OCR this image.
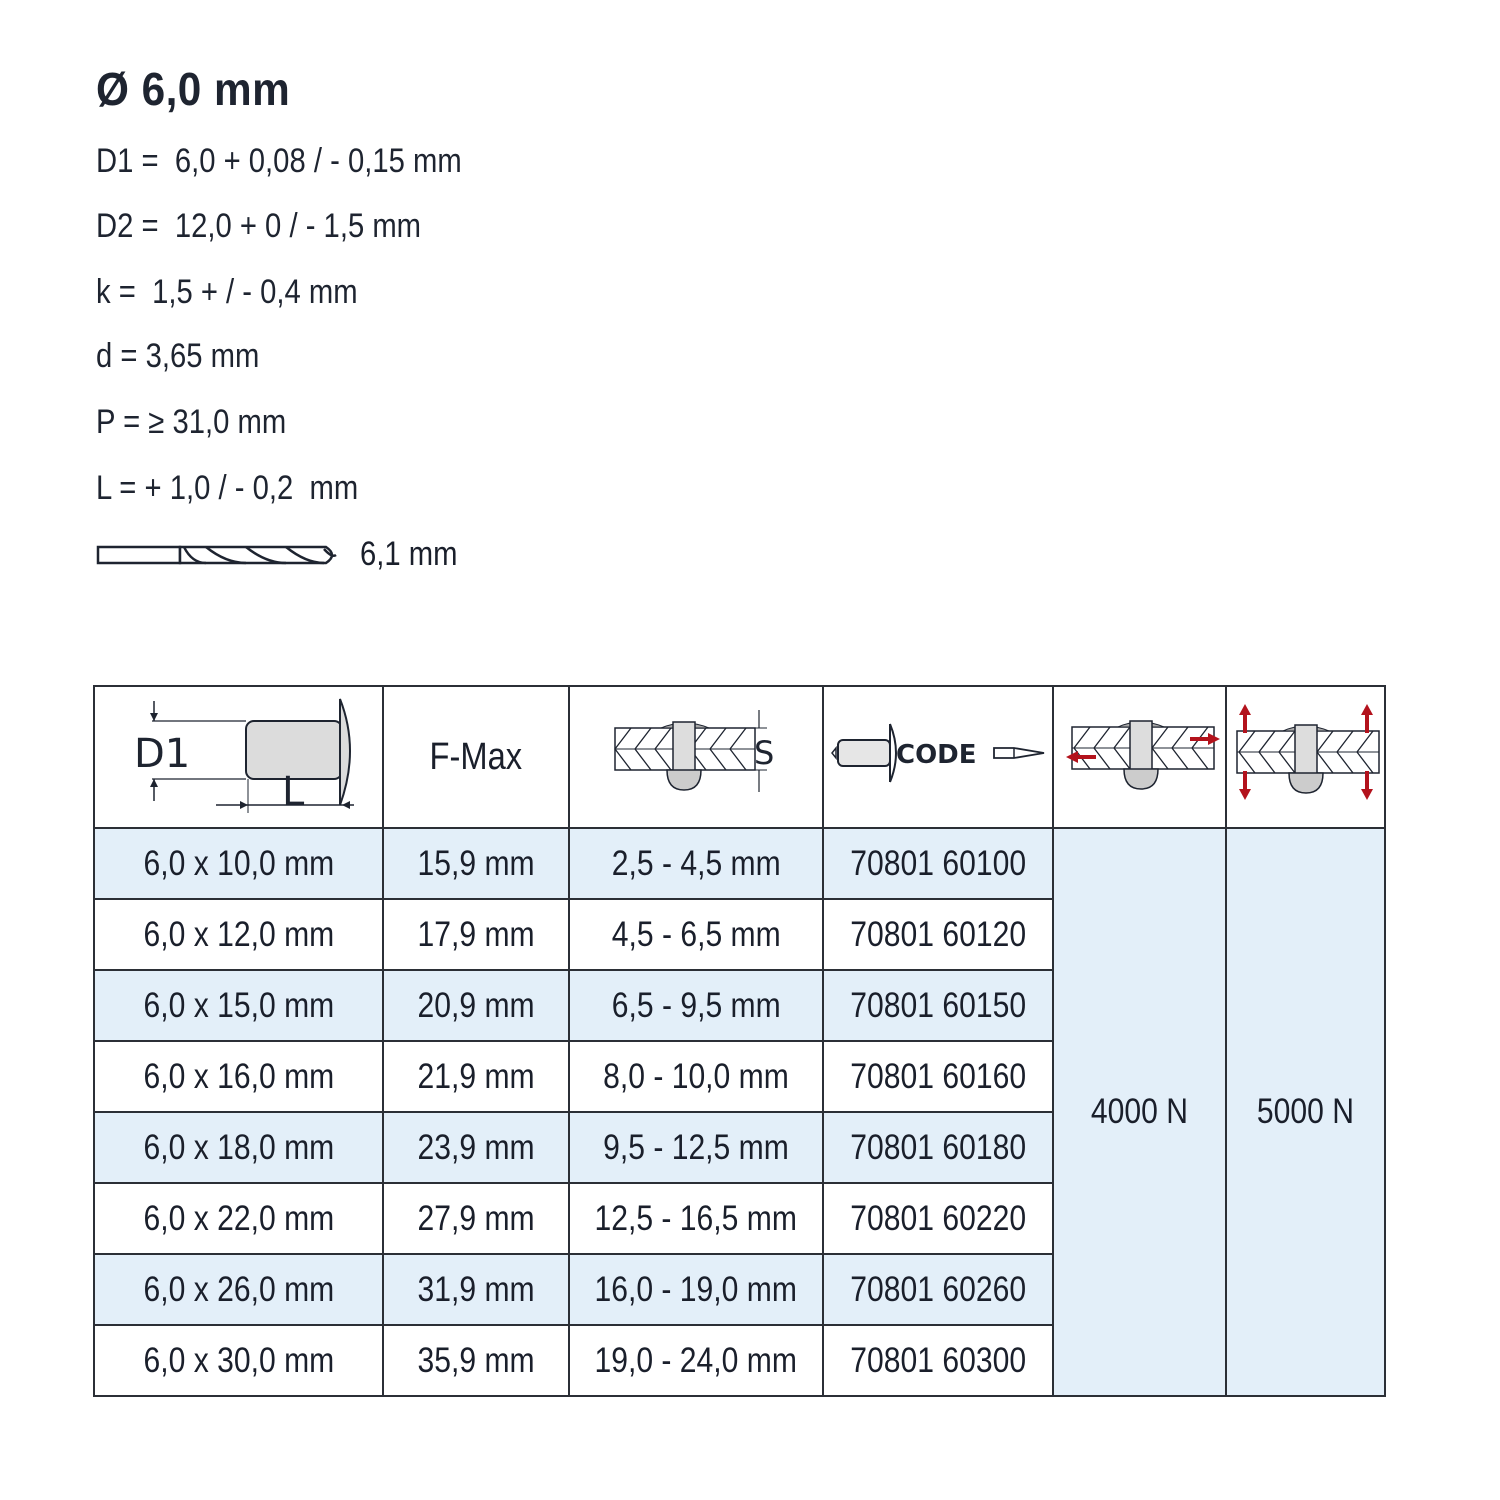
Ø 6,0 mm
D1 =  6,0 + 0,08 / - 0,15 mm
D2 =  12,0 + 0 / - 1,5 mm
k =  1,5 + / - 0,4 mm
d = 3,65 mm
P = ≥ 31,0 mm
L = + 1,0 / - 0,2  mm
6,1 mm
D1
L	F-Max	S	CODE

6,0 x 10,0 mm	15,9 mm	2,5 - 4,5 mm	70801 60100	4000 N	5000 N
6,0 x 12,0 mm	17,9 mm	4,5 - 6,5 mm	70801 60120		
6,0 x 15,0 mm	20,9 mm	6,5 - 9,5 mm	70801 60150		
6,0 x 16,0 mm	21,9 mm	8,0 - 10,0 mm	70801 60160		
6,0 x 18,0 mm	23,9 mm	9,5 - 12,5 mm	70801 60180		
6,0 x 22,0 mm	27,9 mm	12,5 - 16,5 mm	70801 60220		
6,0 x 26,0 mm	31,9 mm	16,0 - 19,0 mm	70801 60260		
6,0 x 30,0 mm	35,9 mm	19,0 - 24,0 mm	70801 60300		
